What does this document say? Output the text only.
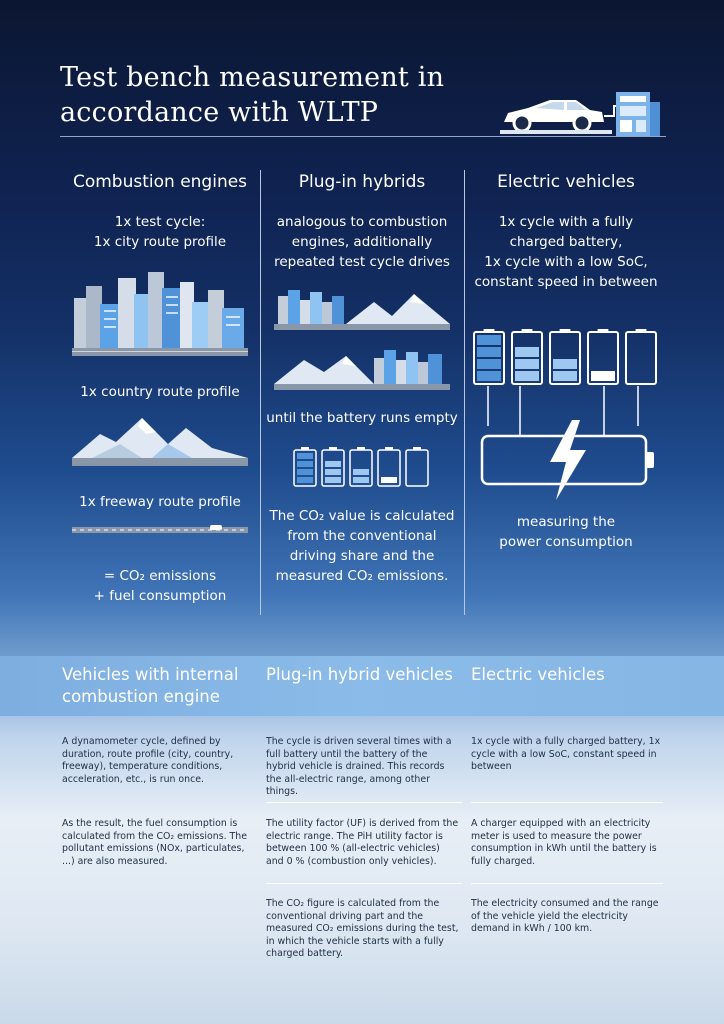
Test bench measurement in accordance with WLTP
Combustion engines

1x test cycle:

1x city route profile

1x country route profile

1x freeway route profile

= CO₂ emissions

+ fuel consumption

Plug-in hybrids

analogous to combustion

engines, additionally

repeated test cycle drives

until the battery runs empty

The CO₂ value is calculated

from the conventional

driving share and the

measured CO₂ emissions.

Electric vehicles

1x cycle with a fully

charged battery,

1x cycle with a low SoC,

constant speed in between

measuring the

power consumption

Vehicles with internal combustion engine
Plug-in hybrid vehicles	Electric vehicles
A dynamometer cycle, defined by duration, route profile (city, country, freeway), temperature conditions, acceleration, etc., is run once.
The cycle is driven several times with a full battery until the battery of the hybrid vehicle is drained. This records the all-electric range, among other things.
1x cycle with a fully charged battery, 1x cycle with a low SoC, constant speed in between
As the result, the fuel consumption is calculated from the CO₂ emissions. The pollutant emissions (NOx, particulates, ...) are also measured.
The utility factor (UF) is derived from the electric range. The PiH utility factor is between 100 % (all-electric vehicles) and 0 % (combustion only vehicles).
A charger equipped with an electricity meter is used to measure the power consumption in kWh until the battery is fully charged.
The CO₂ figure is calculated from the conventional driving part and the measured CO₂ emissions during the test, in which the vehicle starts with a fully charged battery.
The electricity consumed and the range of the vehicle yield the electricity demand in kWh / 100 km.
